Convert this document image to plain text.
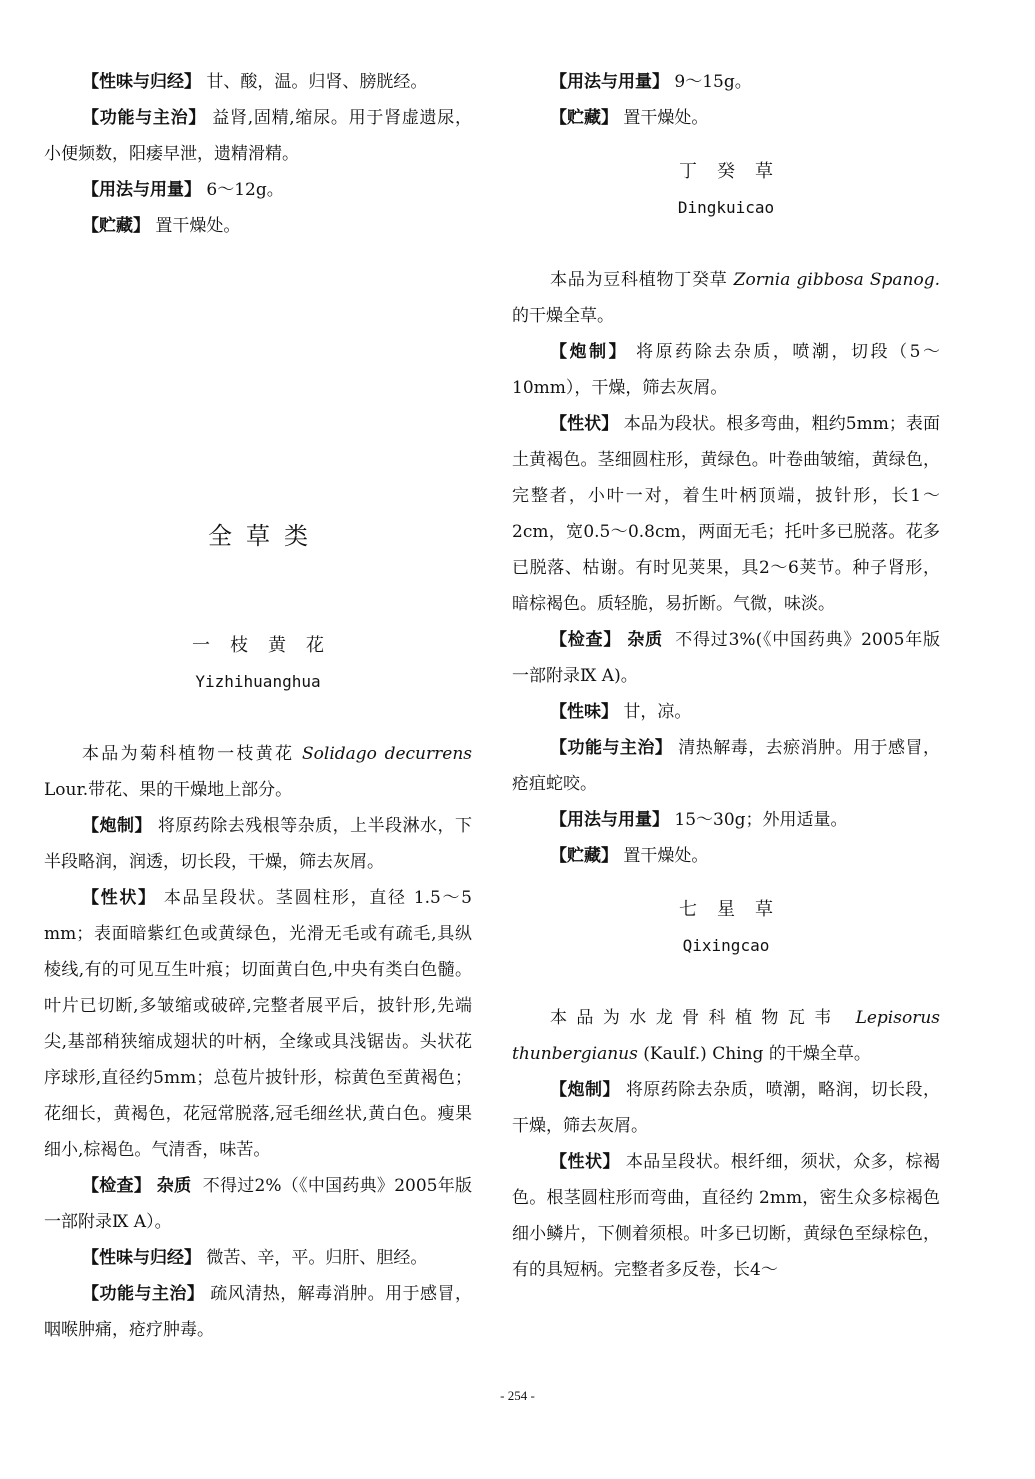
【性味与归经】 甘、酸，温。归肾、膀胱经。

【功能与主治】 益肾,固精,缩尿。用于肾虚遗尿，小便频数，阳痿早泄，遗精滑精。

【用法与用量】 6～12g。

【贮藏】 置干燥处。

全草类
一枝黄花
Yizhihuanghua

本品为菊科植物一枝黄花 Solidago decurrens Lour.带花、果的干燥地上部分。

【炮制】 将原药除去残根等杂质，上半段淋水，下半段略润，润透，切长段，干燥，筛去灰屑。

【性状】 本品呈段状。茎圆柱形，直径 1.5～5 mm；表面暗紫红色或黄绿色，光滑无毛或有疏毛,具纵棱线,有的可见互生叶痕；切面黄白色,中央有类白色髓。叶片已切断,多皱缩或破碎,完整者展平后，披针形,先端尖,基部稍狭缩成翅状的叶柄，全缘或具浅锯齿。头状花序球形,直径约5mm；总苞片披针形，棕黄色至黄褐色；花细长，黄褐色，花冠常脱落,冠毛细丝状,黄白色。瘦果细小,棕褐色。气清香，味苦。

【检查】 杂质 不得过2%（《中国药典》2005年版一部附录Ⅸ A）。

【性味与归经】 微苦、辛，平。归肝、胆经。

【功能与主治】 疏风清热，解毒消肿。用于感冒，咽喉肿痛，疮疗肿毒。

【用法与用量】 9～15g。

【贮藏】 置干燥处。

丁癸草
Dingkuicao

本品为豆科植物丁癸草 Zornia gibbosa Spanog. 的干燥全草。

【炮制】 将原药除去杂质，喷潮，切段（5～10mm），干燥，筛去灰屑。

【性状】 本品为段状。根多弯曲，粗约5mm；表面土黄褐色。茎细圆柱形，黄绿色。叶卷曲皱缩，黄绿色，完整者，小叶一对，着生叶柄顶端，披针形，长1～2cm，宽0.5～0.8cm，两面无毛；托叶多已脱落。花多已脱落、枯谢。有时见荚果，具2～6荚节。种子肾形，暗棕褐色。质轻脆，易折断。气微，味淡。

【检查】 杂质 不得过3%(《中国药典》2005年版一部附录Ⅸ A)。

【性味】 甘，凉。

【功能与主治】 清热解毒，去瘀消肿。用于感冒，疮疽蛇咬。

【用法与用量】 15～30g；外用适量。

【贮藏】 置干燥处。

七星草
Qixingcao

本品为水龙骨科植物瓦韦 Lepisorus thunbergianus (Kaulf.) Ching 的干燥全草。

【炮制】 将原药除去杂质，喷潮，略润，切长段，干燥，筛去灰屑。

【性状】 本品呈段状。根纤细，须状，众多，棕褐色。根茎圆柱形而弯曲，直径约 2mm，密生众多棕褐色细小鳞片，下侧着须根。叶多已切断，黄绿色至绿棕色，有的具短柄。完整者多反卷，长4～

- 254 -
